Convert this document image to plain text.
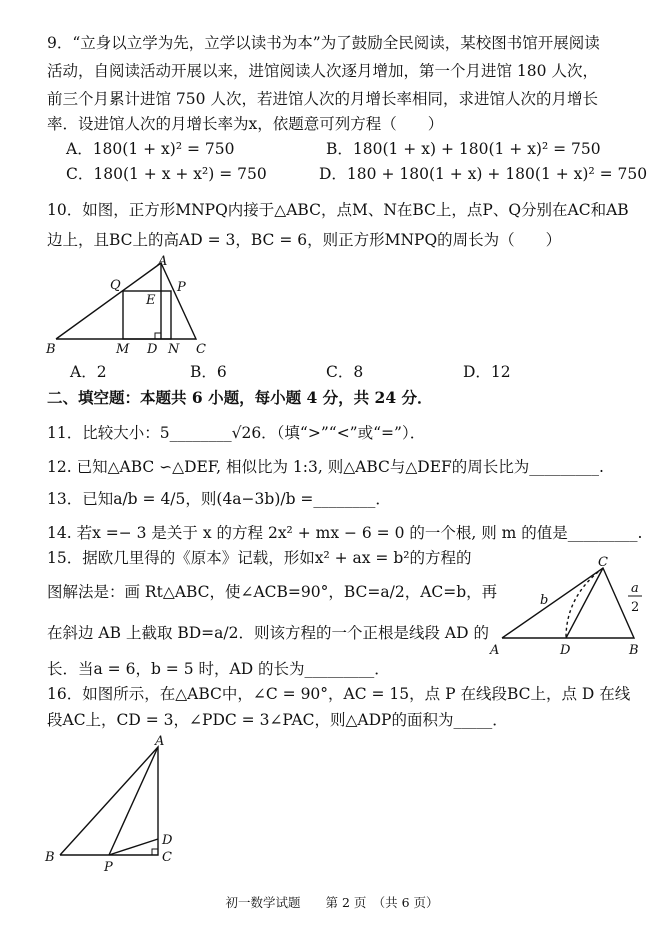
9．“立身以立学为先，立学以读书为本”为了鼓励全民阅读，某校图书馆开展阅读
活动，自阅读活动开展以来，进馆阅读人次逐月增加，第一个月进馆 180 人次，
前三个月累计进馆 750 人次，若进馆人次的月增长率相同，求进馆人次的月增长
率．设进馆人次的月增长率为x，依题意可列方程（　　）
A．180(1 + x)² = 750	B．180(1 + x) + 180(1 + x)² = 750
C．180(1 + x + x²) = 750	D．180 + 180(1 + x) + 180(1 + x)² = 750
10．如图，正方形MNPQ内接于△ABC，点M、N在BC上，点P、Q分别在AC和AB
边上，且BC上的高AD = 3，BC = 6，则正方形MNPQ的周长为（　　）
A
Q
E
P
B	M D N C
A．2	B．6	C．8	D．12
二、填空题：本题共 6 小题，每小题 4 分，共 24 分．
11．比较大小：5________√26．（填“>”“<”或“=”）．
12. 已知△ABC ∽△DEF, 相似比为 1:3, 则△ABC与△DEF的周长比为_________.
13．已知a/b = 4/5，则(4a−3b)/b =________．
14. 若x =− 3 是关于 x 的方程 2x² + mx − 6 = 0 的一个根, 则 m 的值是_________.
15．据欧几里得的《原本》记载，形如x² + ax = b²的方程的
图解法是：画 Rt△ABC，使∠ACB=90°，BC=a/2，AC=b，再
在斜边 AB 上截取 BD=a/2．则该方程的一个正根是线段 AD 的
长．当a = 6，b = 5 时，AD 的长为_________．
C
b
a
2
A	D	B
16．如图所示，在△ABC中，∠C = 90°，AC = 15，点 P 在线段BC上，点 D 在线
段AC上，CD = 3，∠PDC = 3∠PAC，则△ADP的面积为_____．
A
D
B
P
C
初一数学试题　　第 2 页　（共 6 页）
